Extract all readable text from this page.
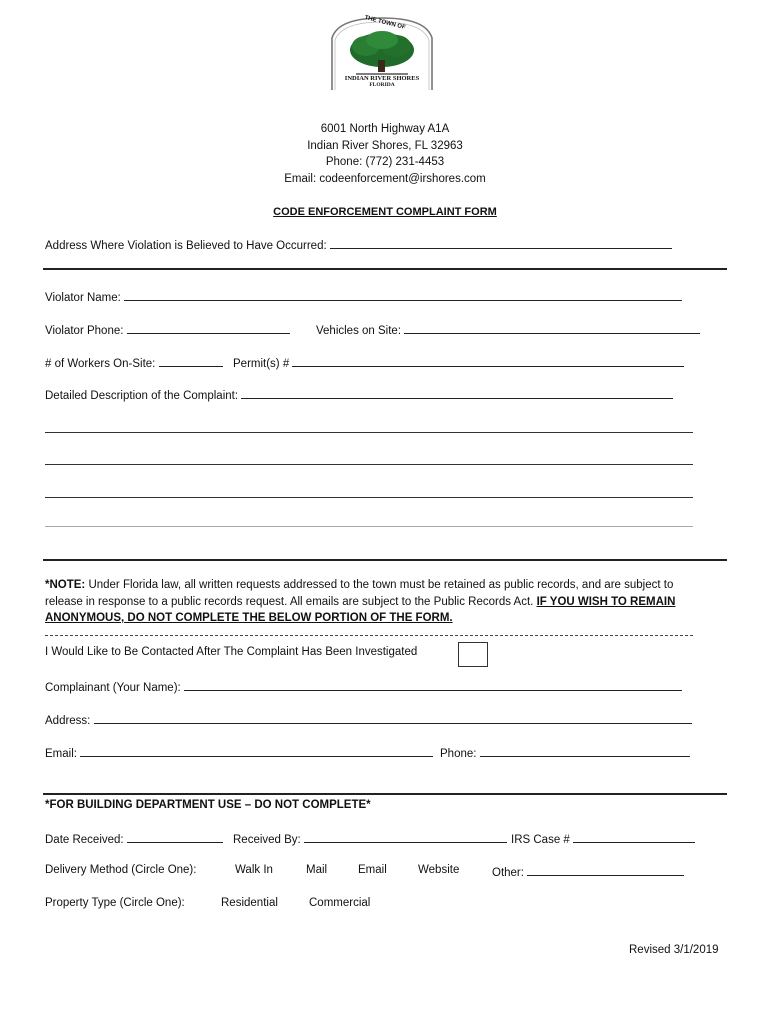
THE TOWN OF
INDIAN RIVER SHORES
FLORIDA
6001 North Highway A1A
Indian River Shores, FL 32963
Phone: (772) 231-4453
Email: codeenforcement@irshores.com
CODE ENFORCEMENT COMPLAINT FORM
Address Where Violation is Believed to Have Occurred:
Violator Name:
Violator Phone:	Vehicles on Site:
# of Workers On-Site:	Permit(s) #
Detailed Description of the Complaint:
*NOTE: Under Florida law, all written requests addressed to the town must be retained as public records, and are subject to
release in response to a public records request. All emails are subject to the Public Records Act. IF YOU WISH TO REMAIN
ANONYMOUS, DO NOT COMPLETE THE BELOW PORTION OF THE FORM.
I Would Like to Be Contacted After The Complaint Has Been Investigated
Complainant (Your Name):
Address:
Email:	Phone:
*FOR BUILDING DEPARTMENT USE – DO NOT COMPLETE*
Date Received:	Received By:	IRS Case #
Delivery Method (Circle One):	Walk In	Mail	Email	Website	Other:
Property Type (Circle One):	Residential	Commercial
Revised 3/1/2019
